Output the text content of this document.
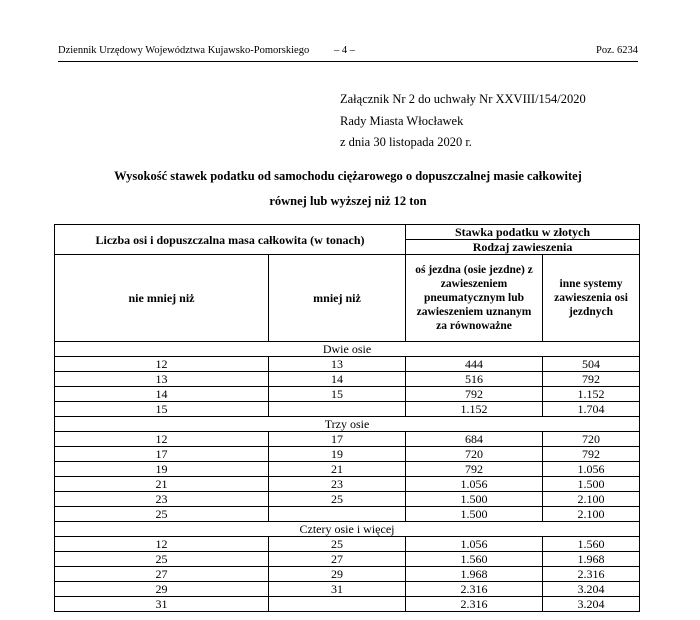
Dziennik Urzędowy Województwa Kujawsko-Pomorskiego – 4 –	Poz. 6234
Załącznik Nr 2 do uchwały Nr XXVIII/154/2020
Rady Miasta Włocławek
z dnia 30 listopada 2020 r.
Wysokość stawek podatku od samochodu ciężarowego o dopuszczalnej masie całkowitej
równej lub wyższej niż 12 ton
Liczba osi i dopuszczalna masa całkowita (w tonach)		Stawka podatku w złotych	
		Rodzaj zawieszenia	
nie mniej niż	mniej niż	oś jezdna (osie jezdne) z zawieszeniem pneumatycznym lub zawieszeniem uznanym za równoważne	inne systemy zawieszenia osi jezdnych
Dwie osie			
12	13	444	504
13	14	516	792
14	15	792	1.152
15		1.152	1.704
Trzy osie			
12	17	684	720
17	19	720	792
19	21	792	1.056
21	23	1.056	1.500
23	25	1.500	2.100
25		1.500	2.100
Cztery osie i więcej			
12	25	1.056	1.560
25	27	1.560	1.968
27	29	1.968	2.316
29	31	2.316	3.204
31		2.316	3.204
